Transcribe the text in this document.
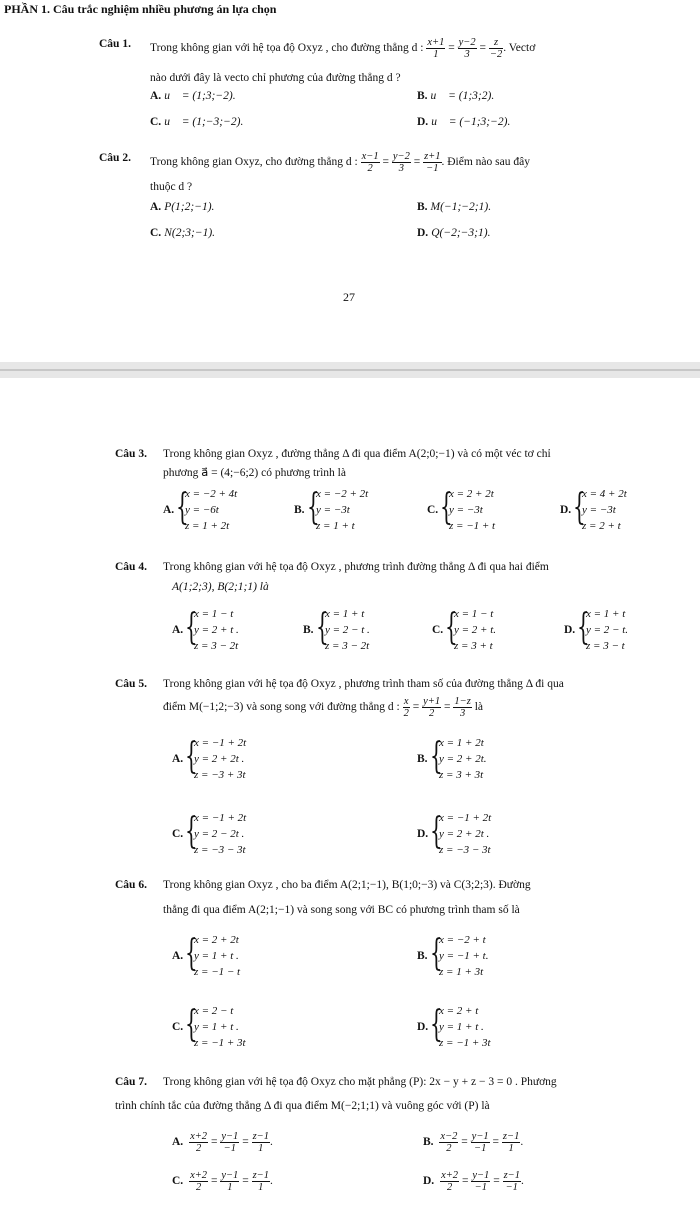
PHẦN 1. Câu trắc nghiệm nhiều phương án lựa chọn
Câu 1. Trong không gian với hệ tọa độ Oxyz , cho đường thẳng d : $\frac{x+1}{1} = \frac{y-2}{3} = \frac{z}{-2}$ . Vectơ
nào dưới đây là vecto chỉ phương của đường thẳng d ?
A. u⃗ = (1;3;−2).	B. u⃗ = (1;3;2).
C. u⃗ = (1;−3;−2).	D. u⃗ = (−1;3;−2).
Câu 2. Trong không gian Oxyz, cho đường thẳng d : $\frac{x-1}{2} = \frac{y-2}{3} = \frac{z+1}{-1}$ . Điểm nào sau đây
thuộc d ?
A. P(1;2;−1).	B. M(−1;−2;1).
C. N(2;3;−1).	D. Q(−2;−3;1).
27
Câu 3. Trong không gian Oxyz , đường thẳng Δ đi qua điểm A(2;0;−1) và có một véc tơ chỉ
phương a⃗ = (4;−6;2) có phương trình là
A. {
x = −2 + 4t
y = −6t
z = 1 + 2t
B. {
x = −2 + 2t
y = −3t
z = 1 + t
C. {
x = 2 + 2t
y = −3t
z = −1 + t
D. {
x = 4 + 2t
y = −3t
z = 2 + t
Câu 4. Trong không gian với hệ tọa độ Oxyz , phương trình đường thẳng Δ đi qua hai điểm
A(1;2;3), B(2;1;1) là
A. {
x = 1 − t
y = 2 + t .
z = 3 − 2t
B. {
x = 1 + t
y = 2 − t .
z = 3 − 2t
C. {
x = 1 − t
y = 2 + t.
z = 3 + t
D. {
x = 1 + t
y = 2 − t.
z = 3 − t
Câu 5. Trong không gian với hệ tọa độ Oxyz , phương trình tham số của đường thẳng Δ đi qua
điểm M(−1;2;−3) và song song với đường thẳng d : $\frac{x}{2} = \frac{y+1}{2} = \frac{1-z}{3}$ là
A. {
x = −1 + 2t
y = 2 + 2t .
z = −3 + 3t
B. {
x = 1 + 2t
y = 2 + 2t.
z = 3 + 3t
C. {
x = −1 + 2t
y = 2 − 2t .
z = −3 − 3t
D. {
x = −1 + 2t
y = 2 + 2t .
z = −3 − 3t
Câu 6. Trong không gian Oxyz , cho ba điểm A(2;1;−1), B(1;0;−3) và C(3;2;3). Đường
thẳng đi qua điểm A(2;1;−1) và song song với BC có phương trình tham số là
A. {
x = 2 + 2t
y = 1 + t .
z = −1 − t
B. {
x = −2 + t
y = −1 + t.
z = 1 + 3t
C. {
x = 2 − t
y = 1 + t .
z = −1 + 3t
D. {
x = 2 + t
y = 1 + t .
z = −1 + 3t
Câu 7. Trong không gian với hệ tọa độ Oxyz cho mặt phẳng (P): 2x − y + z − 3 = 0 . Phương
trình chính tắc của đường thẳng Δ đi qua điểm M(−2;1;1) và vuông góc với (P) là
A. $\frac{x+2}{2} = \frac{y-1}{-1} = \frac{z-1}{1}$ .	B. $\frac{x-2}{2} = \frac{y-1}{-1} = \frac{z-1}{1}$ .
C. $\frac{x+2}{2} = \frac{y-1}{1} = \frac{z-1}{1}$ .	D. $\frac{x+2}{2} = \frac{y-1}{-1} = \frac{z-1}{-1}$ .
